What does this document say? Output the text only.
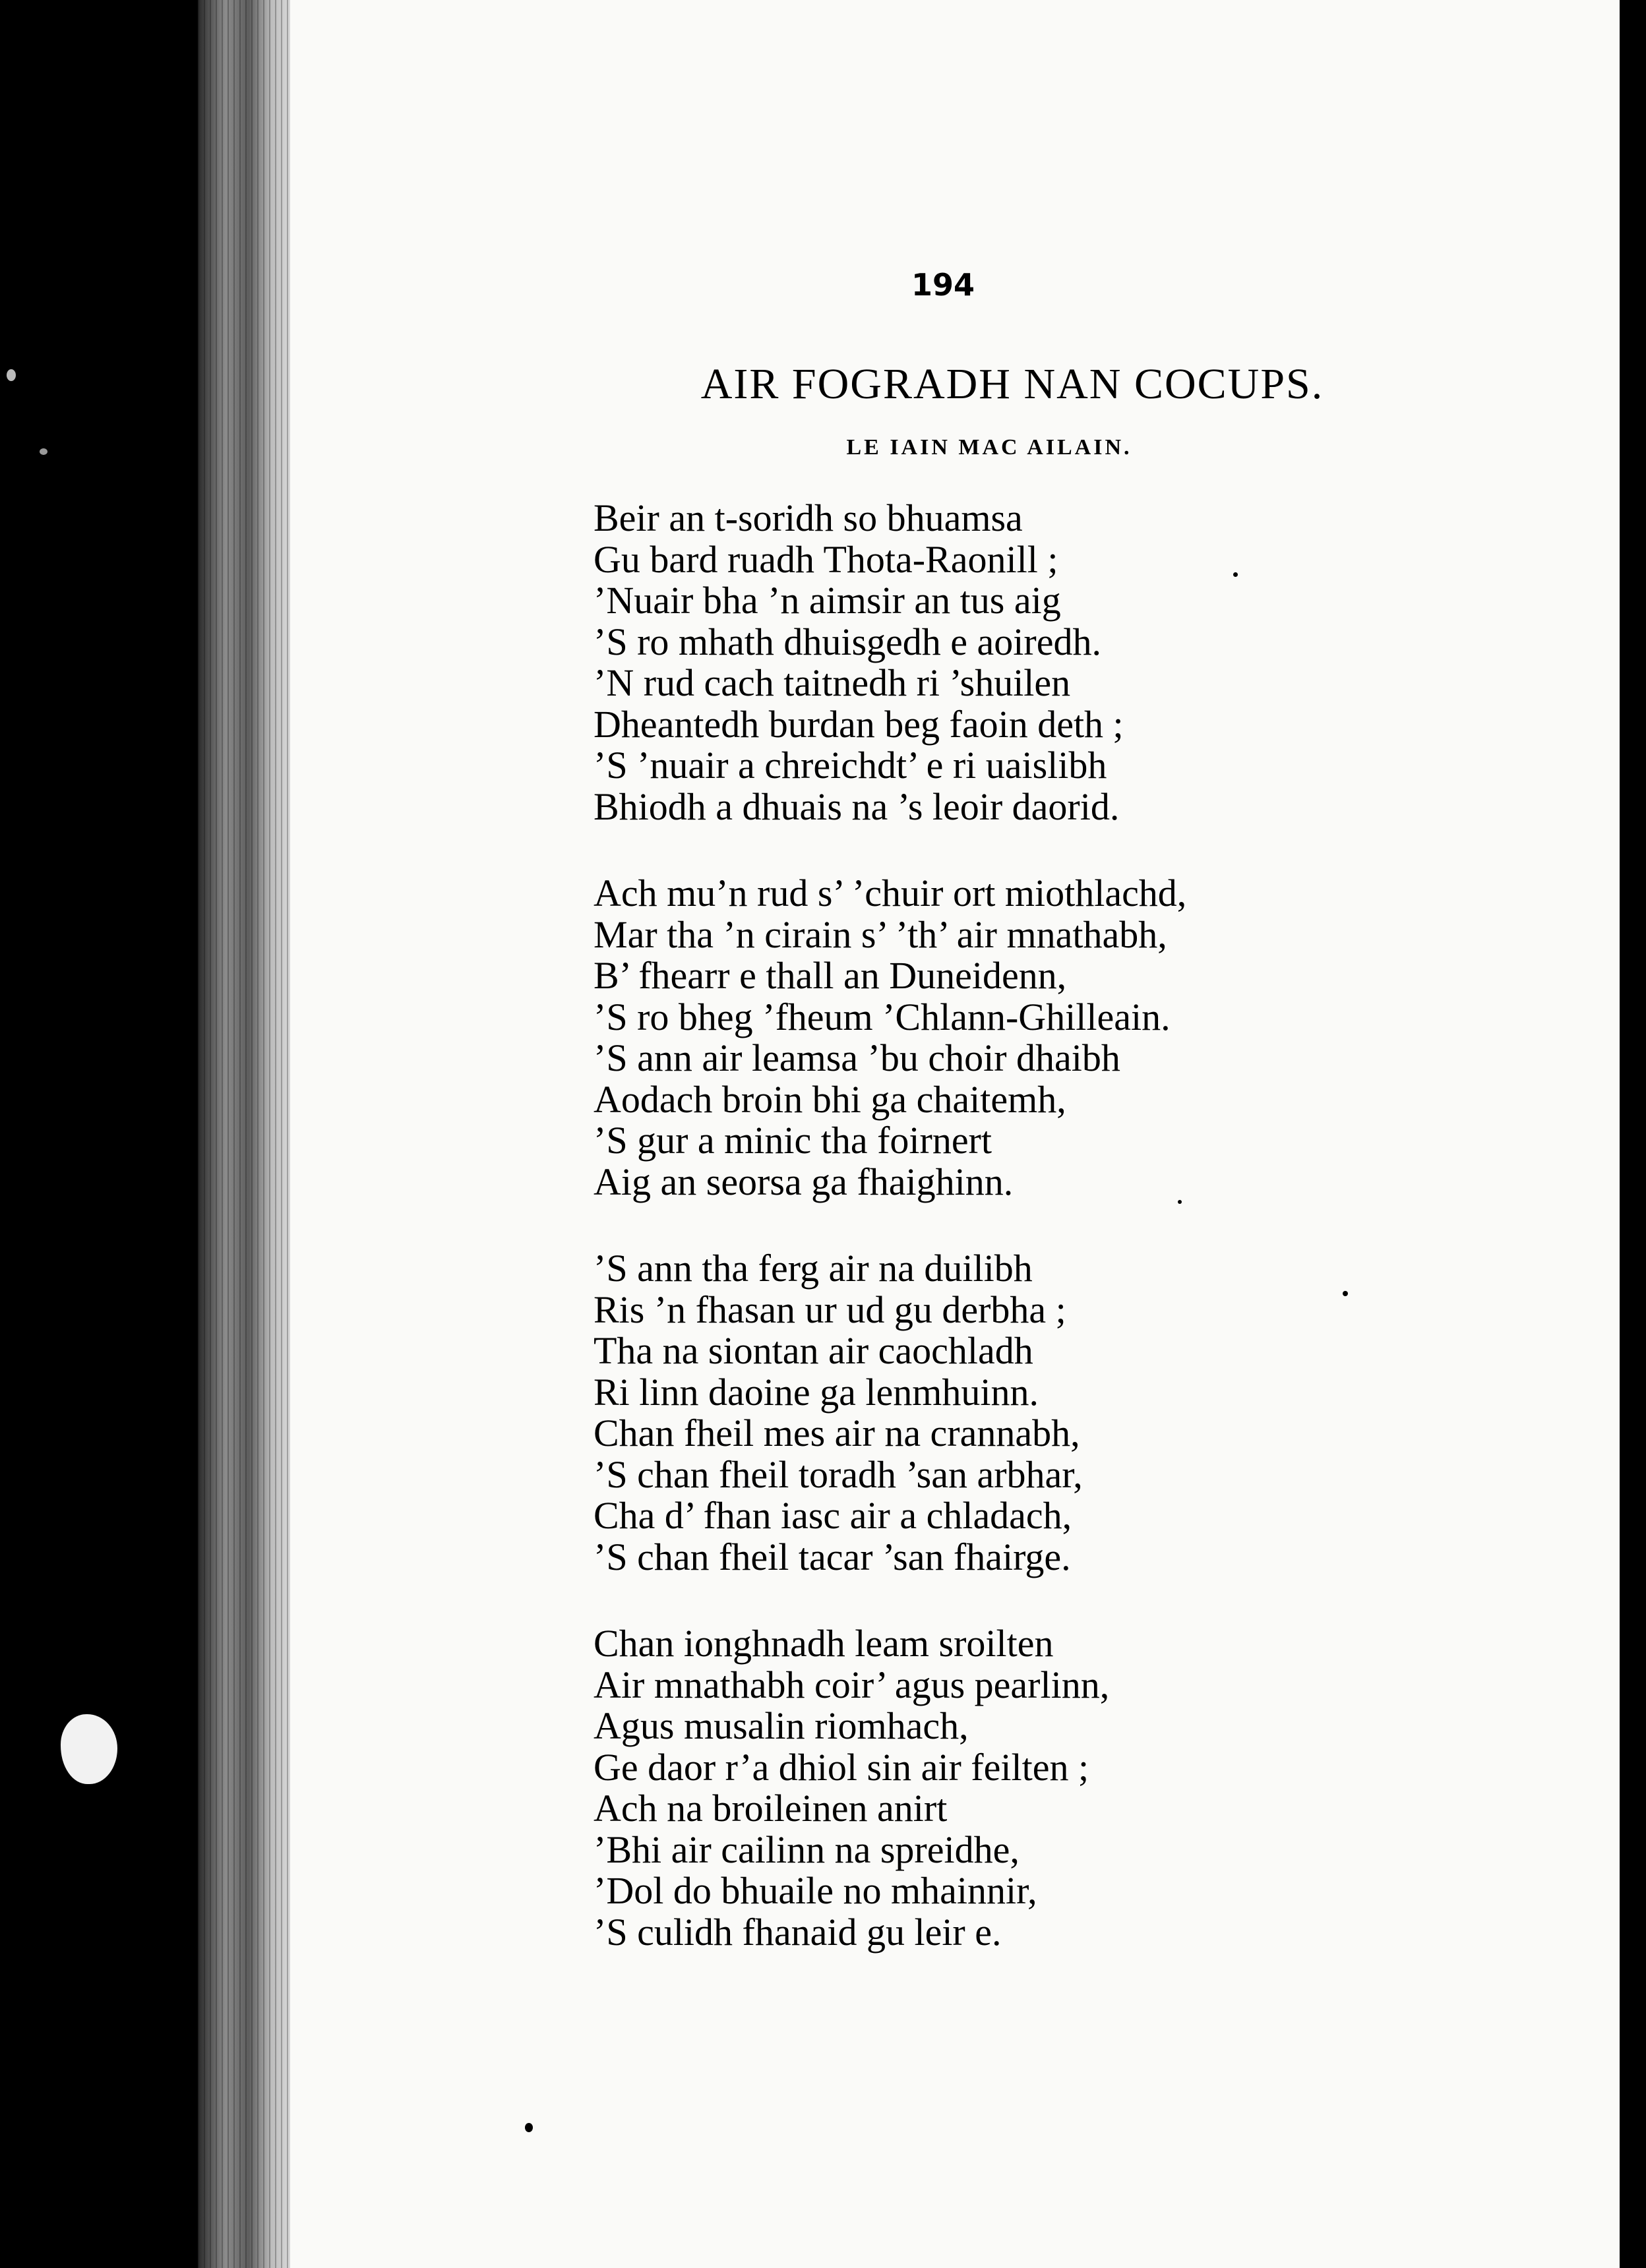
194
AIR FOGRADH NAN COCUPS.
LE IAIN MAC AILAIN.
Beir an t-soridh so bhuamsa
Gu bard ruadh Thota-Raonill ;
’Nuair bha ’n aimsir an tus aig
’S ro mhath dhuisgedh e aoiredh.
’N rud cach taitnedh ri ’shuilen
Dheantedh burdan beg faoin deth ;
’S ’nuair a chreichdt’ e ri uaislibh
Bhiodh a dhuais na ’s leoir daorid.
Ach mu’n rud s’ ’chuir ort miothlachd,
Mar tha ’n cirain s’ ’th’ air mnathabh,
B’ fhearr e thall an Duneidenn,
’S ro bheg ’fheum ’Chlann-Ghilleain.
’S ann air leamsa ’bu choir dhaibh
Aodach broin bhi ga chaitemh,
’S gur a minic tha foirnert
Aig an seorsa ga fhaighinn.
’S ann tha ferg air na duilibh
Ris ’n fhasan ur ud gu derbha ;
Tha na siontan air caochladh
Ri linn daoine ga lenmhuinn.
Chan fheil mes air na crannabh,
’S chan fheil toradh ’san arbhar,
Cha d’ fhan iasc air a chladach,
’S chan fheil tacar ’san fhairge.
Chan ionghnadh leam sroilten
Air mnathabh coir’ agus pearlinn,
Agus musalin riomhach,
Ge daor r’a dhiol sin air feilten ;
Ach na broileinen anirt
’Bhi air cailinn na spreidhe,
’Dol do bhuaile no mhainnir,
’S culidh fhanaid gu leir e.
